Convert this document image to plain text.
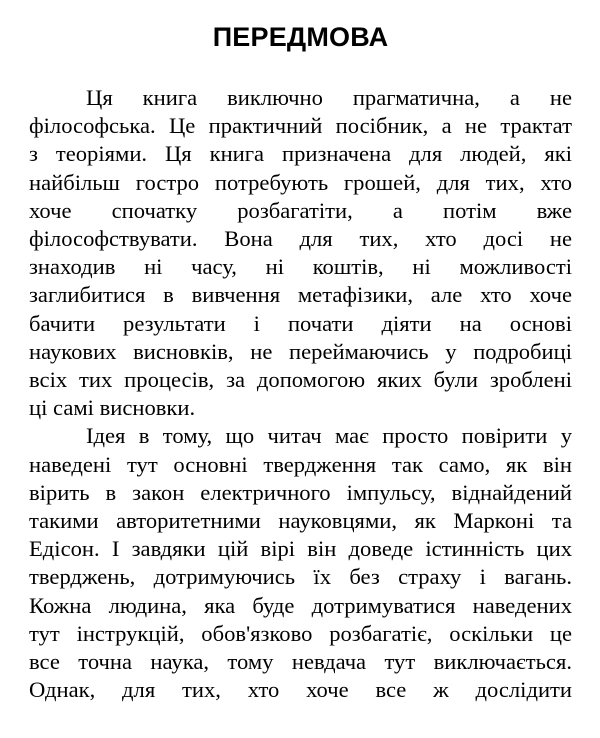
ПЕРЕДМОВА
Ця книга виключно прагматична, а не
філософська. Це практичний посібник, а не трактат
з теоріями. Ця книга призначена для людей, які
найбільш гостро потребують грошей, для тих, хто
хоче спочатку розбагатіти, а потім вже
філософствувати. Вона для тих, хто досі не
знаходив ні часу, ні коштів, ні можливості
заглибитися в вивчення метафізики, але хто хоче
бачити результати і почати діяти на основі
наукових висновків, не переймаючись у подробиці
всіх тих процесів, за допомогою яких були зроблені
ці самі висновки.
Ідея в тому, що читач має просто повірити у
наведені тут основні твердження так само, як він
вірить в закон електричного імпульсу, віднайдений
такими авторитетними науковцями, як Марконі та
Едісон. І завдяки цій вірі він доведе істинність цих
тверджень, дотримуючись їх без страху і вагань.
Кожна людина, яка буде дотримуватися наведених
тут інструкцій, обов'язково розбагатіє, оскільки це
все точна наука, тому невдача тут виключається.
Однак, для тих, хто хоче все ж дослідити
